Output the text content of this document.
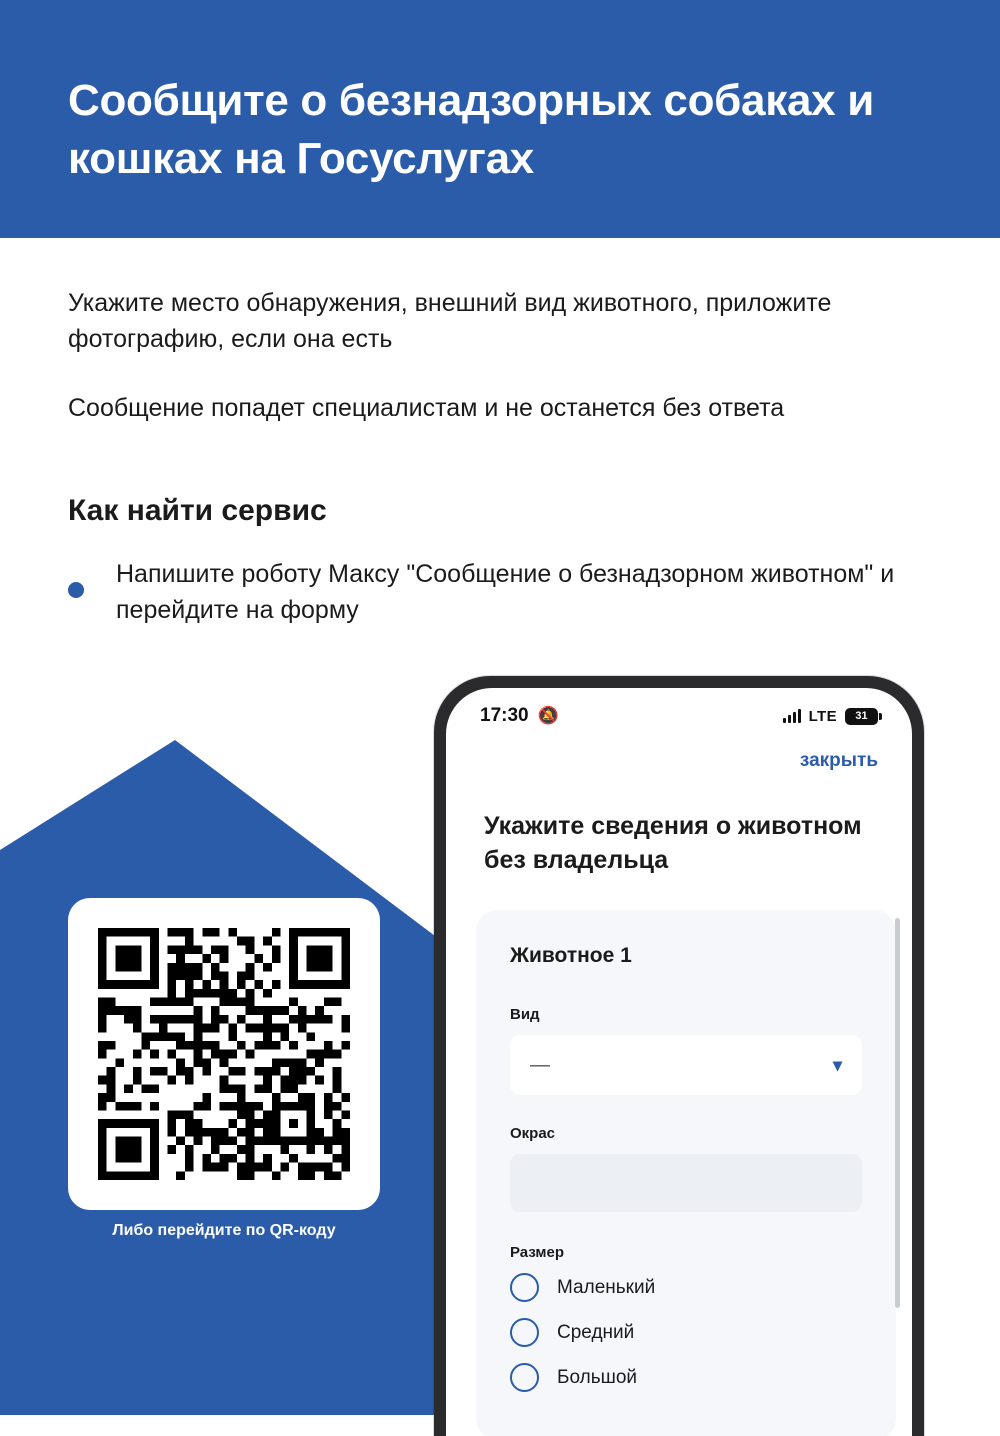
Сообщите о безнадзорных собаках и кошках на Госуслугах

Укажите место обнаружения, внешний вид животного, приложите фотографию, если она есть

Сообщение попадет специалистам и не останется без ответа

Как найти сервис
Напишите роботу Максу "Сообщение о безнадзорном животном" и перейдите на форму
Либо перейдите по QR-коду
17:30 🔕	LTE 31
закрыть
Укажите сведения о животном без владельца
Животное 1
Вид
—	▾
Окрас
Размер
Маленький
Средний
Большой
